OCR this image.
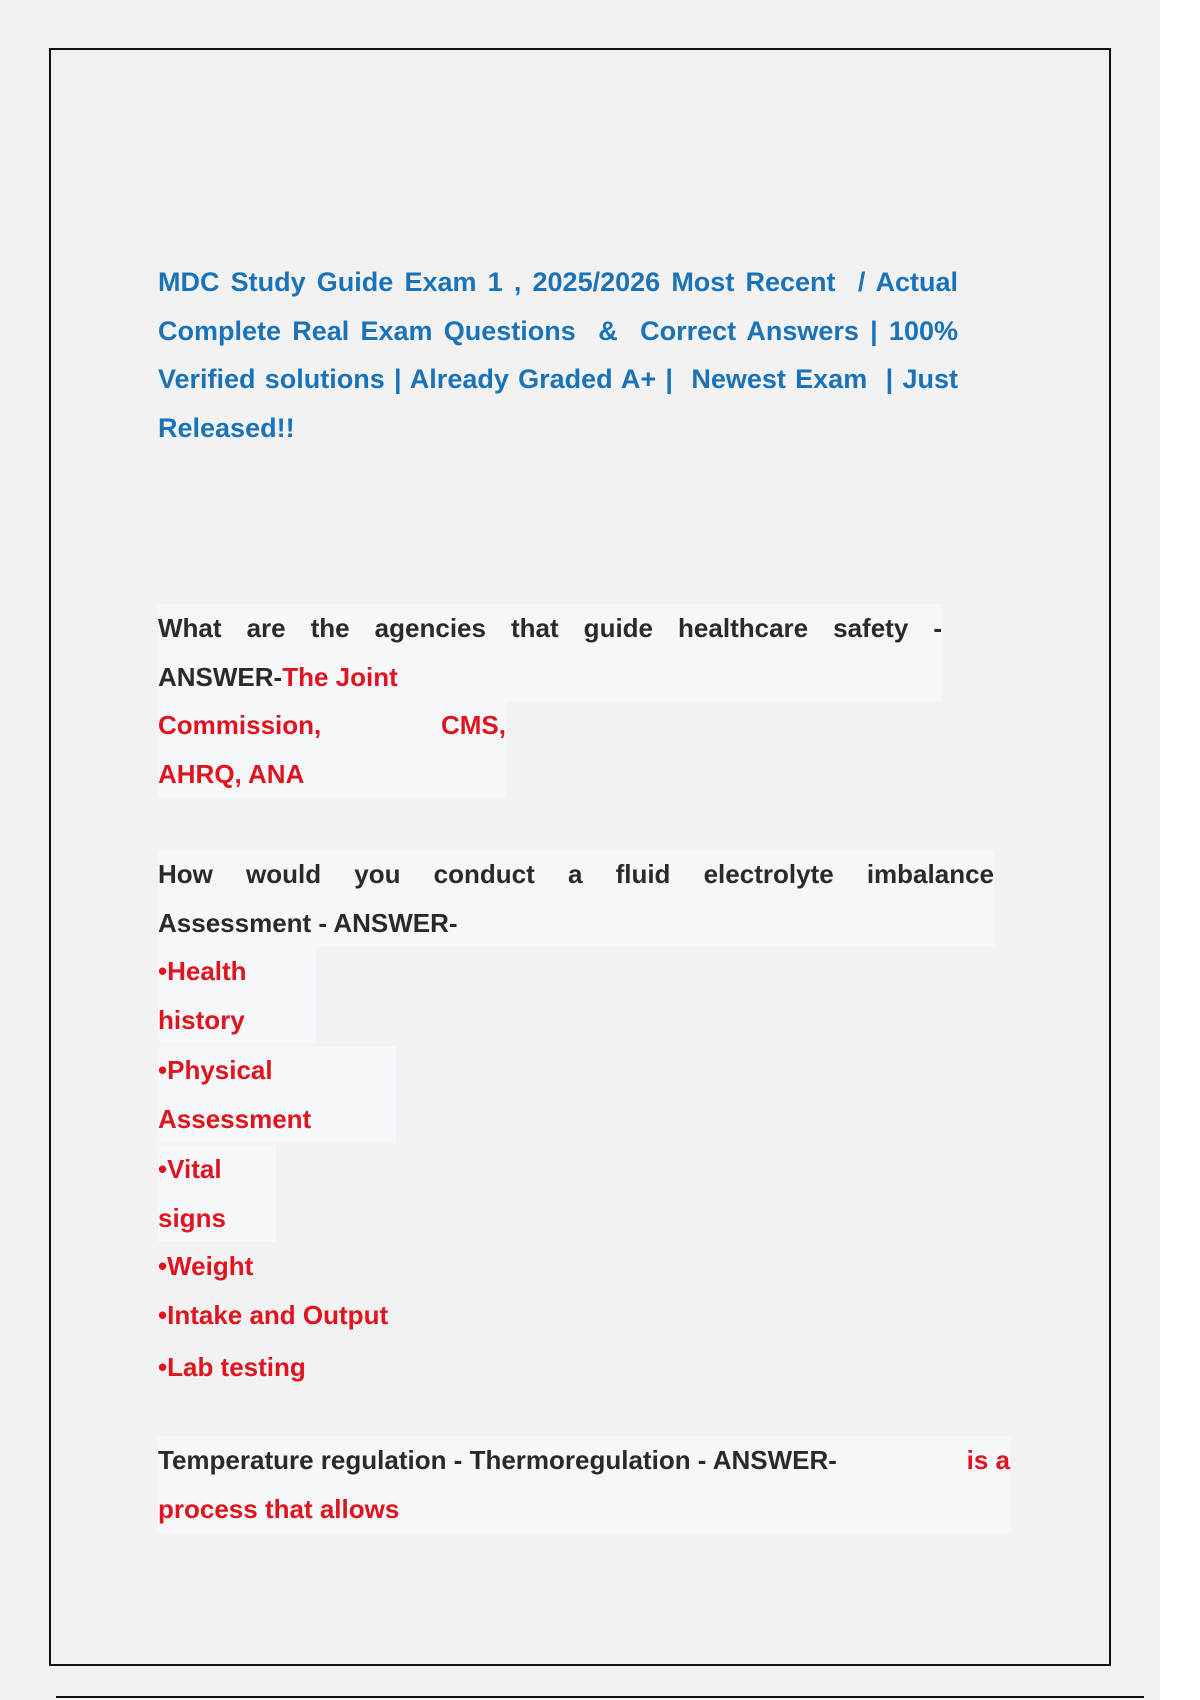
MDC Study Guide Exam 1 , 2025/2026 Most Recent  / Actual
Complete Real Exam Questions  &  Correct Answers | 100%
Verified solutions | Already Graded A+ |  Newest Exam  | Just
Released!!

What are the agencies that guide healthcare safety -
ANSWER-The Joint
Commission,	CMS,
AHRQ, ANA
How would you conduct a fluid electrolyte imbalance
Assessment - ANSWER-
•Health
history
•Physical
Assessment
•Vital
signs
•Weight
•Intake and Output
•Lab testing
Temperature regulation - Thermoregulation - ANSWER-	is a
process that allows
